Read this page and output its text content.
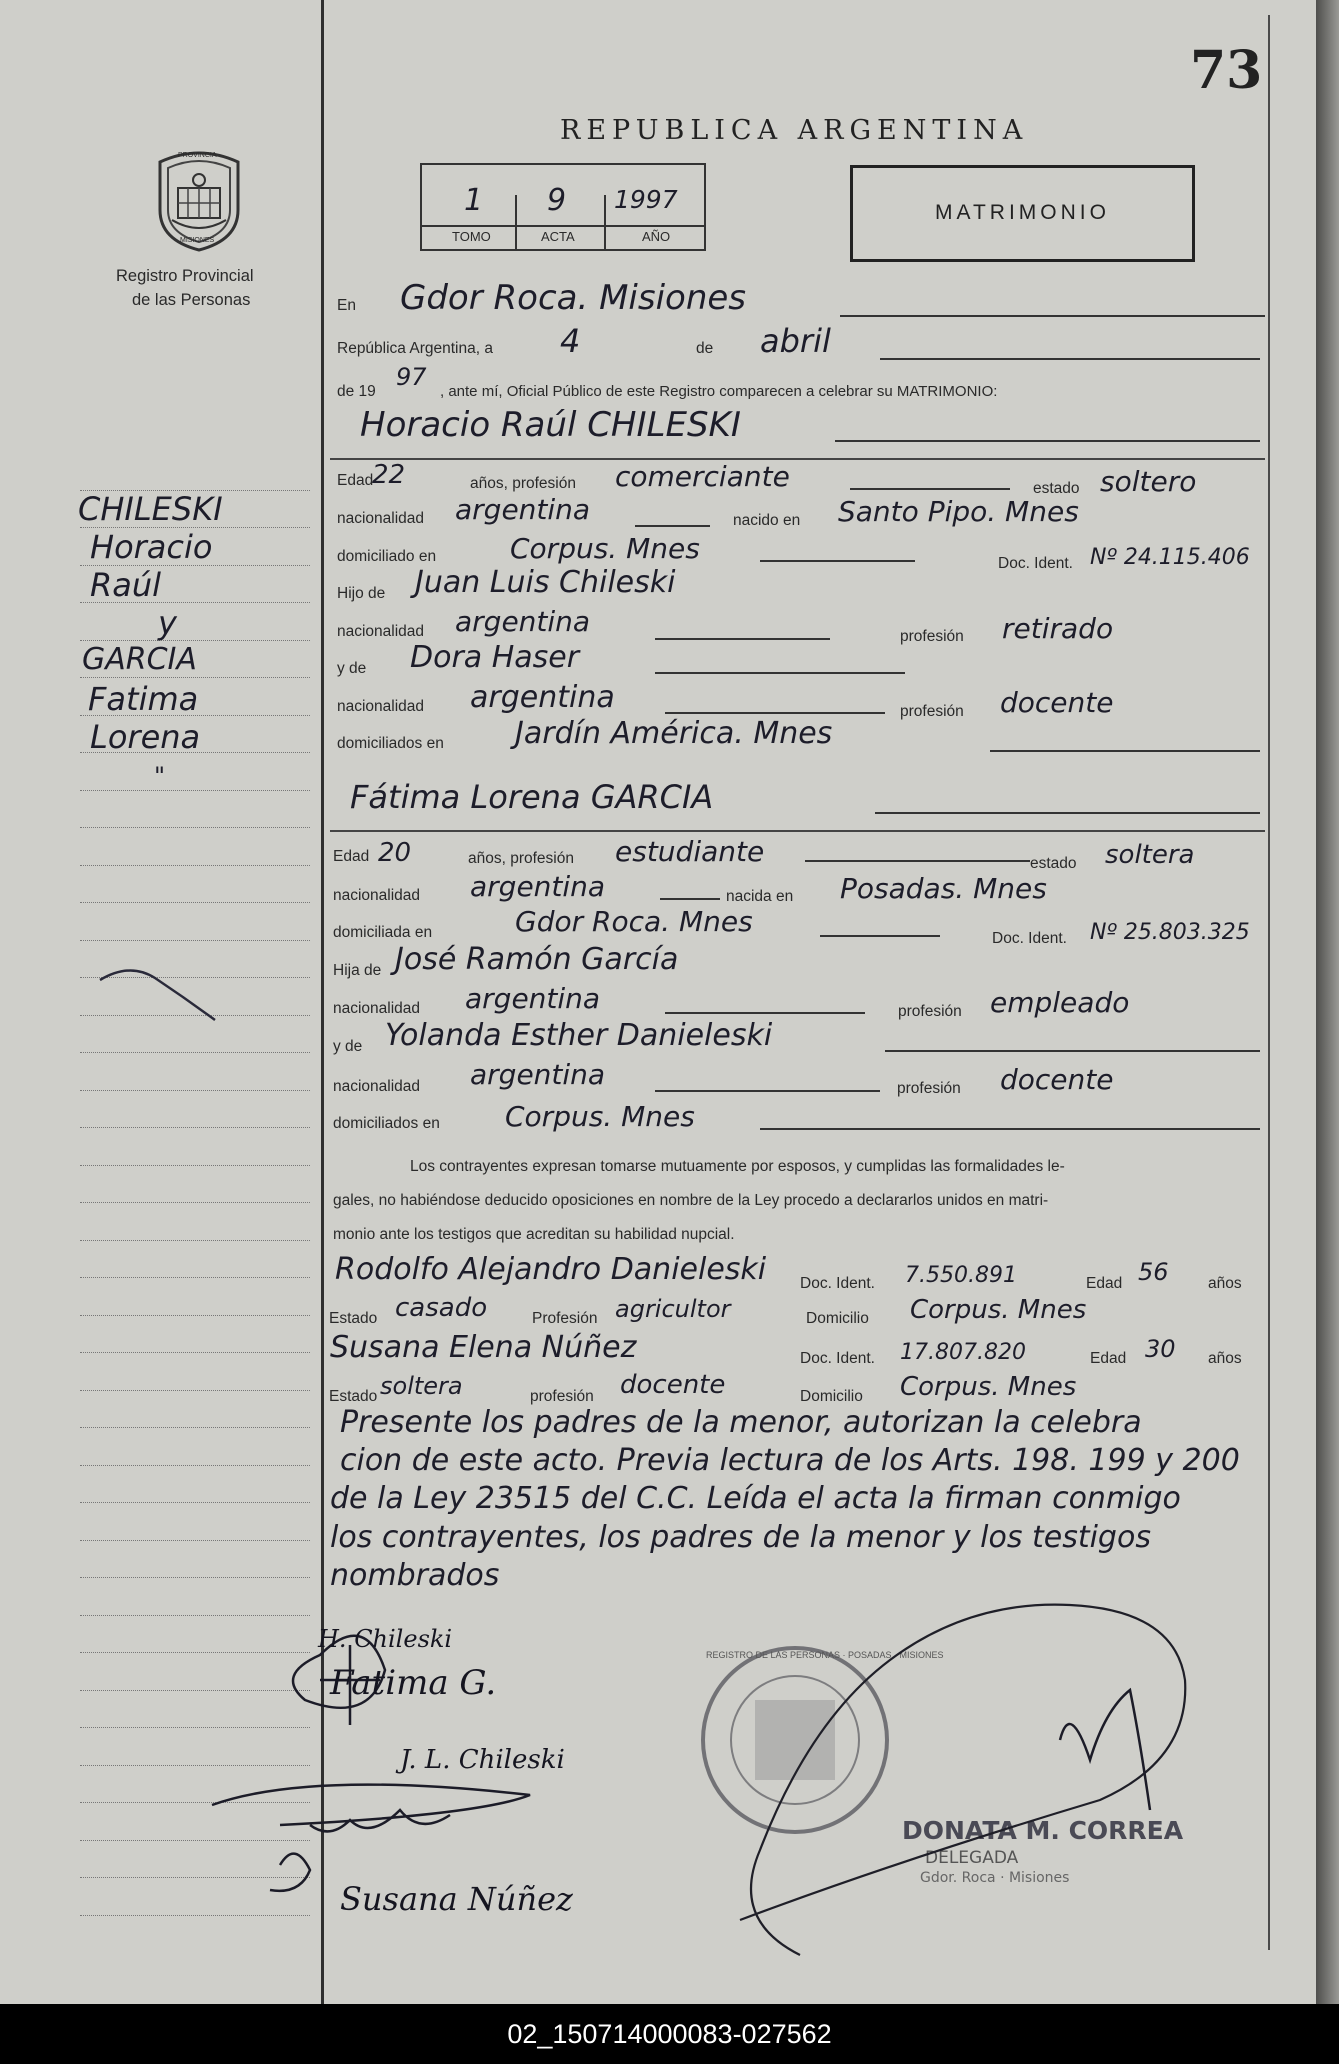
73
REPUBLICA ARGENTINA
PROVINCIA
MISIONES
Registro Provincial
de las Personas
1 9 1997
TOMO	ACTA	AÑO
MATRIMONIO
En Gdor Roca. Misiones
República Argentina, a 4	de abril
de 19
97
, ante mí, Oficial Público de este Registro comparecen a celebrar su MATRIMONIO:
Horacio Raúl CHILESKI
Edad
22	años, profesión comerciante	estado soltero
nacionalidad argentina	nacido en Santo Pipo. Mnes
domiciliado en	Corpus. Mnes	Doc. Ident. Nº 24.115.406
Hijo de Juan Luis Chileski
nacionalidad argentina	profesión retirado
y de Dora Haser
nacionalidad argentina	profesión docente
domiciliados en Jardín América. Mnes
Fátima Lorena GARCIA
Edad 20	años, profesión estudiante	estado soltera
nacionalidad argentina	nacida en Posadas. Mnes
domiciliada en	Gdor Roca. Mnes
Doc. Ident. Nº 25.803.325
Hija de José Ramón García
nacionalidad argentina	profesión empleado
y de Yolanda Esther Danieleski
nacionalidad argentina	profesión docente
domiciliados en Corpus. Mnes
Los contrayentes expresan tomarse mutuamente por esposos, y cumplidas las formalidades le-
gales, no habiéndose deducido oposiciones en nombre de la Ley procedo a declararlos unidos en matri-
monio ante los testigos que acreditan su habilidad nupcial.
Rodolfo Alejandro Danieleski Doc. Ident. 7.550.891	Edad 56	años
Estado casado	Profesión agricultor	Domicilio Corpus. Mnes
Susana Elena Núñez	Doc. Ident. 17.807.820	Edad 30 años
Estado soltera	profesión docente	Domicilio Corpus. Mnes
Presente los padres de la menor, autorizan la celebra
cion de este acto. Previa lectura de los Arts. 198. 199 y 200
de la Ley 23515 del C.C. Leída el acta la firman conmigo
los contrayentes, los padres de la menor y los testigos
nombrados
CHILESKI
Horacio
Raúl
y
GARCIA
Fatima
Lorena
"
REGISTRO DE LAS PERSONAS · POSADAS · MISIONES
DONATA M. CORREA
DELEGADA
Gdor. Roca · Misiones
H. Chileski
Fatima G.
J. L. Chileski
Susana Núñez
02_150714000083-027562
